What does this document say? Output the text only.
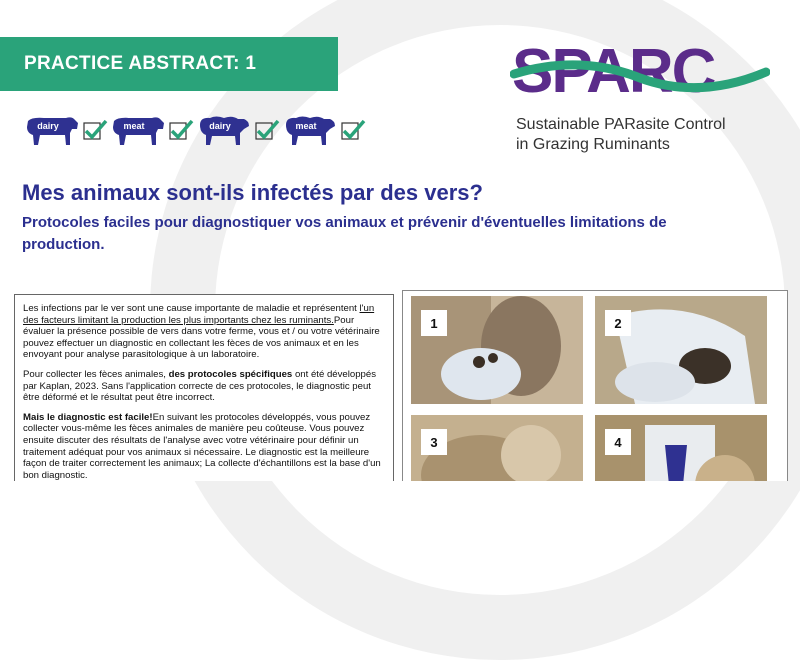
PRACTICE ABSTRACT: 1
dairy	meat	dairy	meat
SPARC
Sustainable PARasite Control
in Grazing Ruminants
Mes animaux sont-ils infectés par des vers?
Protocoles faciles pour diagnostiquer vos animaux et prévenir d'éventuelles limitations de production.

Les infections par le ver sont une cause importante de maladie et représentent l'un des facteurs limitant la production les plus importants chez les ruminants.Pour évaluer la présence possible de vers dans votre ferme, vous et / ou votre vétérinaire pouvez effectuer un diagnostic en collectant les fèces de vos animaux et en les envoyant pour analyse parasitologique à un laboratoire.

Pour collecter les fèces animales, des protocoles spécifiques ont été développés par Kaplan, 2023. Sans l'application correcte de ces protocoles, le diagnostic peut être déformé et le résultat peut être incorrect.

Mais le diagnostic est facile!En suivant les protocoles développés, vous pouvez collecter vous-même les fèces animales de manière peu coûteuse. Vous pouvez ensuite discuter des résultats de l'analyse avec votre vétérinaire pour définir un traitement adéquat pour vos animaux si nécessaire. Le diagnostic est la meilleure façon de traiter correctement les animaux; La collecte d'échantillons est la base d'un bon diagnostic.

1	2
3	4
